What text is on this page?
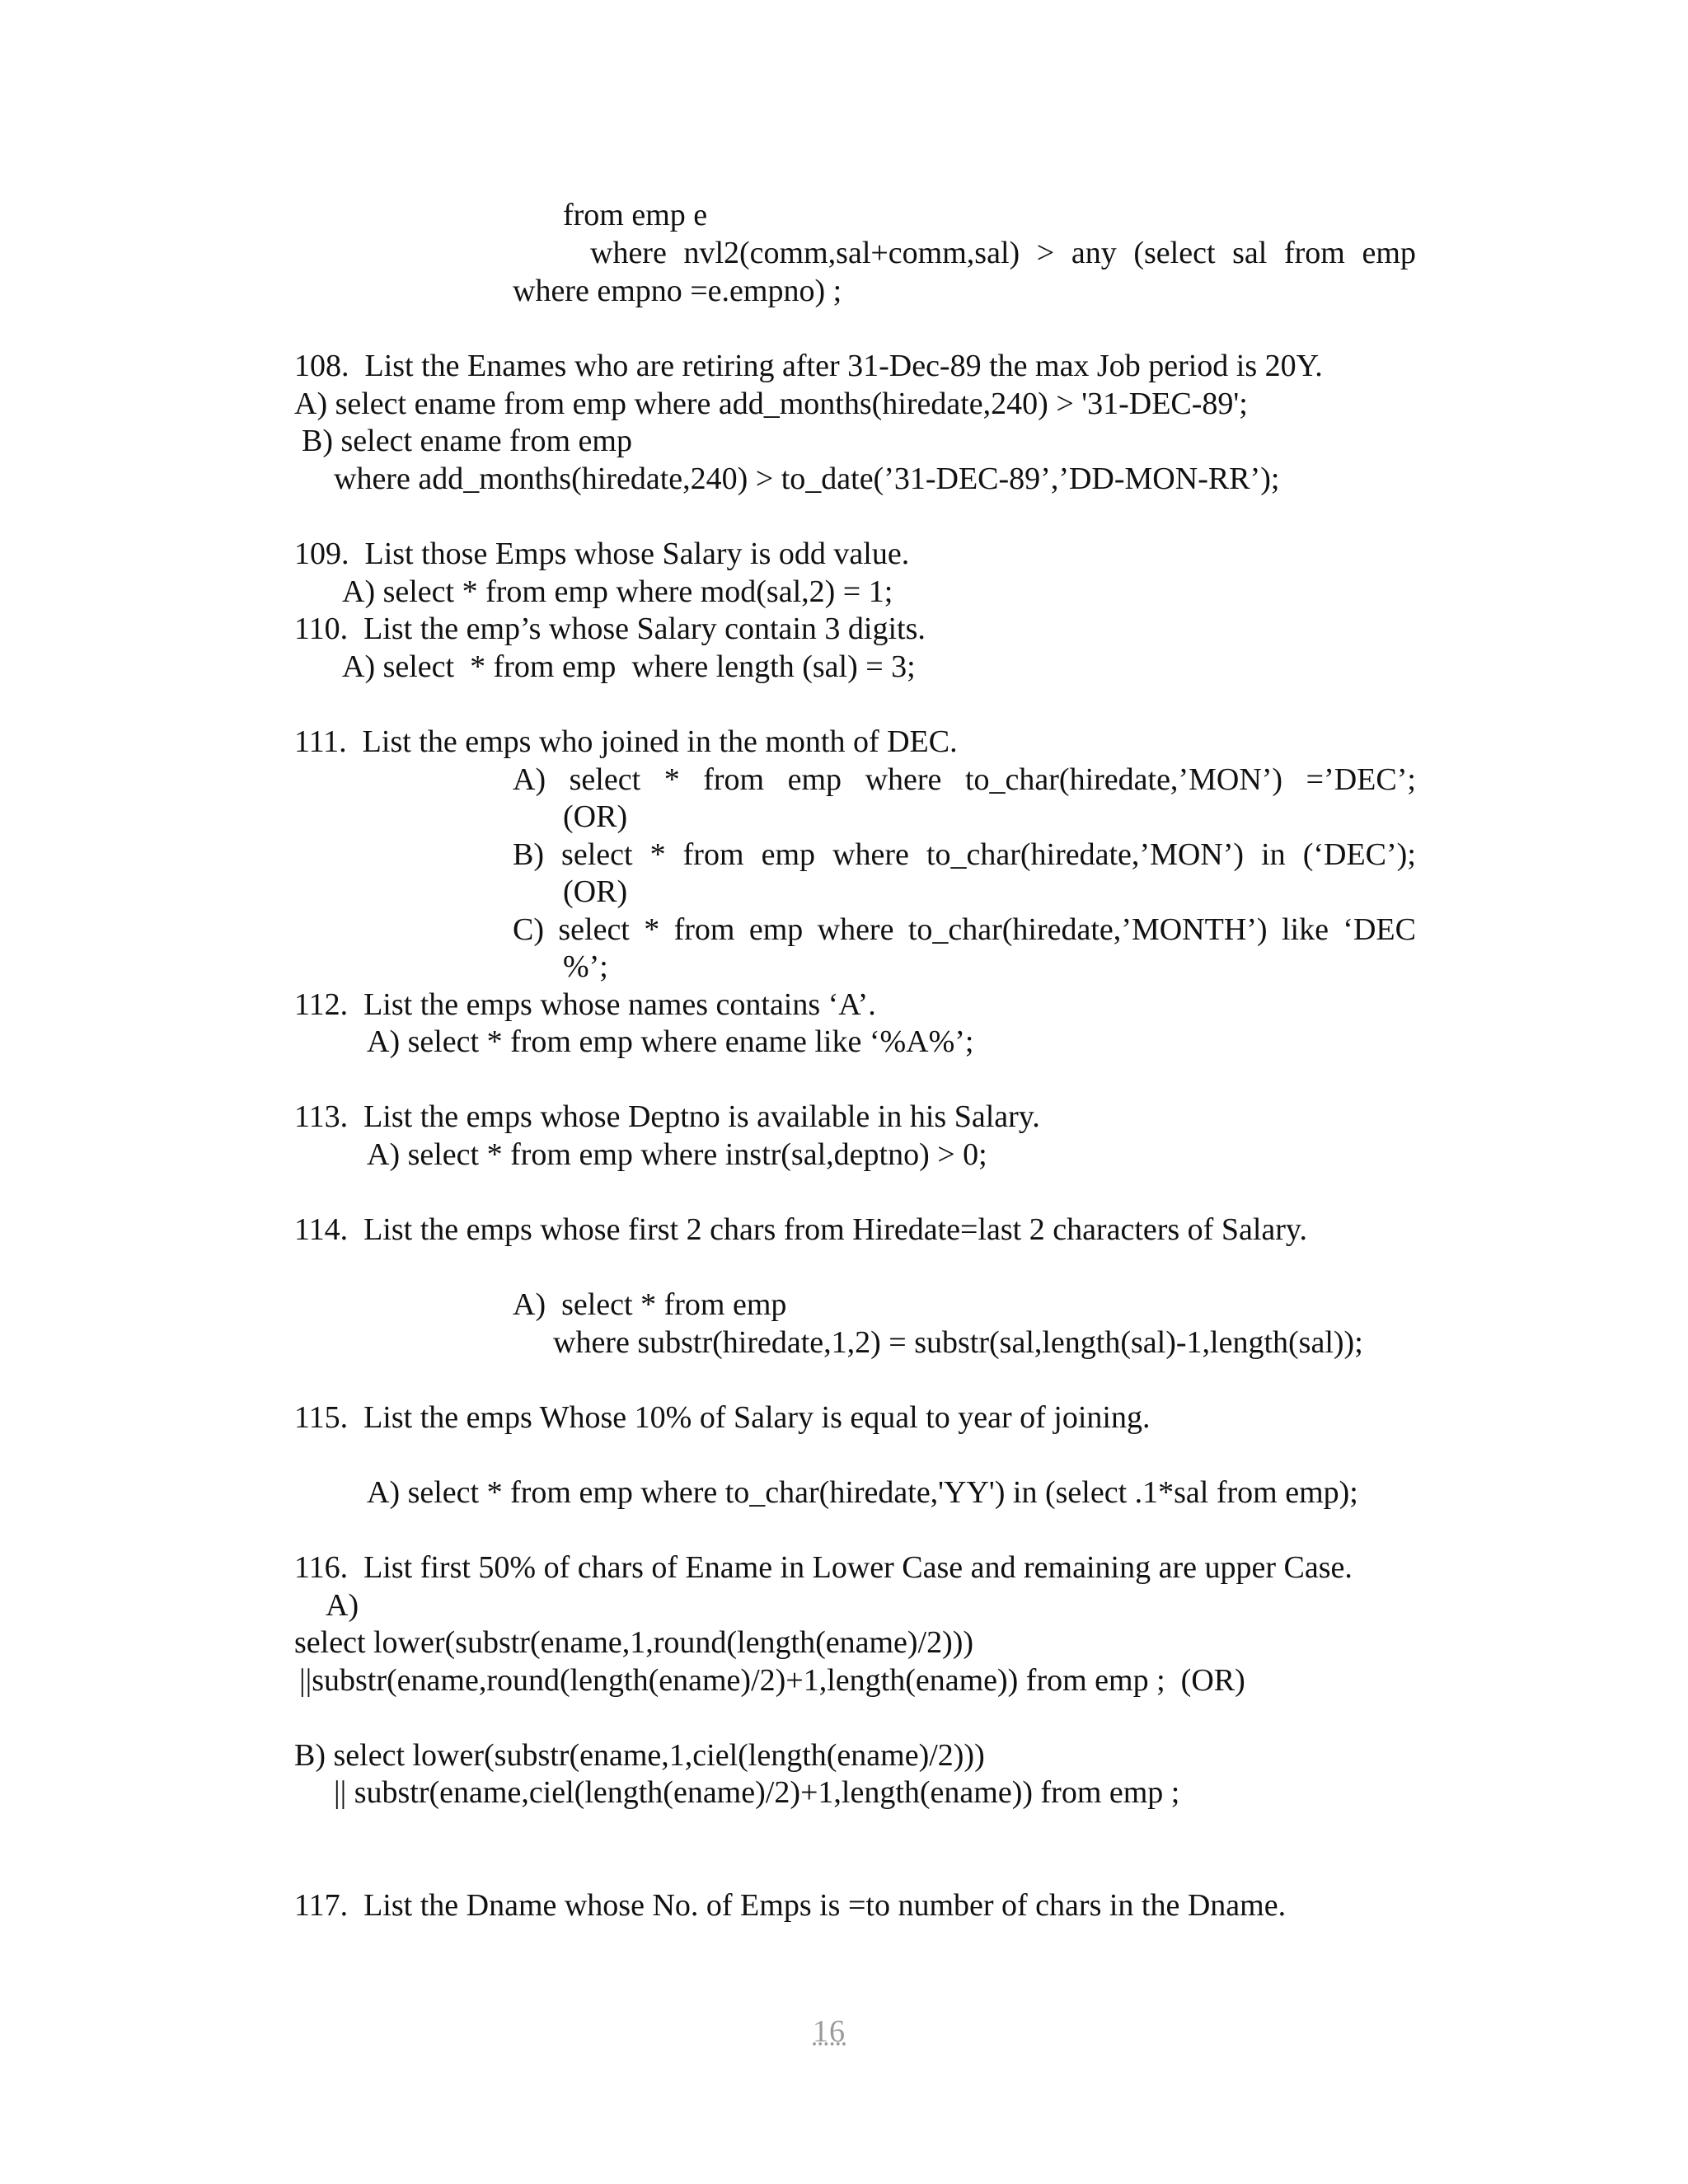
from emp e
where nvl2(comm,sal+comm,sal) > any (select sal from emp
where empno =e.empno) ;
108.  List the Enames who are retiring after 31-Dec-89 the max Job period is 20Y.
A) select ename from emp where add_months(hiredate,240) > '31-DEC-89';
B) select ename from emp
where add_months(hiredate,240) > to_date(’31-DEC-89’,’DD-MON-RR’);
109.  List those Emps whose Salary is odd value.
A) select * from emp where mod(sal,2) = 1;
110.  List the emp’s whose Salary contain 3 digits.
A) select  * from emp  where length (sal) = 3;
111.  List the emps who joined in the month of DEC.
A) select * from emp where to_char(hiredate,’MON’) =’DEC’;
(OR)
B) select * from emp where to_char(hiredate,’MON’) in (‘DEC’);
(OR)
C) select * from emp where to_char(hiredate,’MONTH’) like ‘DEC
%’;
112.  List the emps whose names contains ‘A’.
A) select * from emp where ename like ‘%A%’;
113.  List the emps whose Deptno is available in his Salary.
A) select * from emp where instr(sal,deptno) > 0;
114.  List the emps whose first 2 chars from Hiredate=last 2 characters of Salary.
A)  select * from emp
where substr(hiredate,1,2) = substr(sal,length(sal)-1,length(sal));
115.  List the emps Whose 10% of Salary is equal to year of joining.
A) select * from emp where to_char(hiredate,'YY') in (select .1*sal from emp);
116.  List first 50% of chars of Ename in Lower Case and remaining are upper Case.
A)
select lower(substr(ename,1,round(length(ename)/2)))
||substr(ename,round(length(ename)/2)+1,length(ename)) from emp ;  (OR)
B) select lower(substr(ename,1,ciel(length(ename)/2)))
|| substr(ename,ciel(length(ename)/2)+1,length(ename)) from emp ;
117.  List the Dname whose No. of Emps is =to number of chars in the Dname.
16
